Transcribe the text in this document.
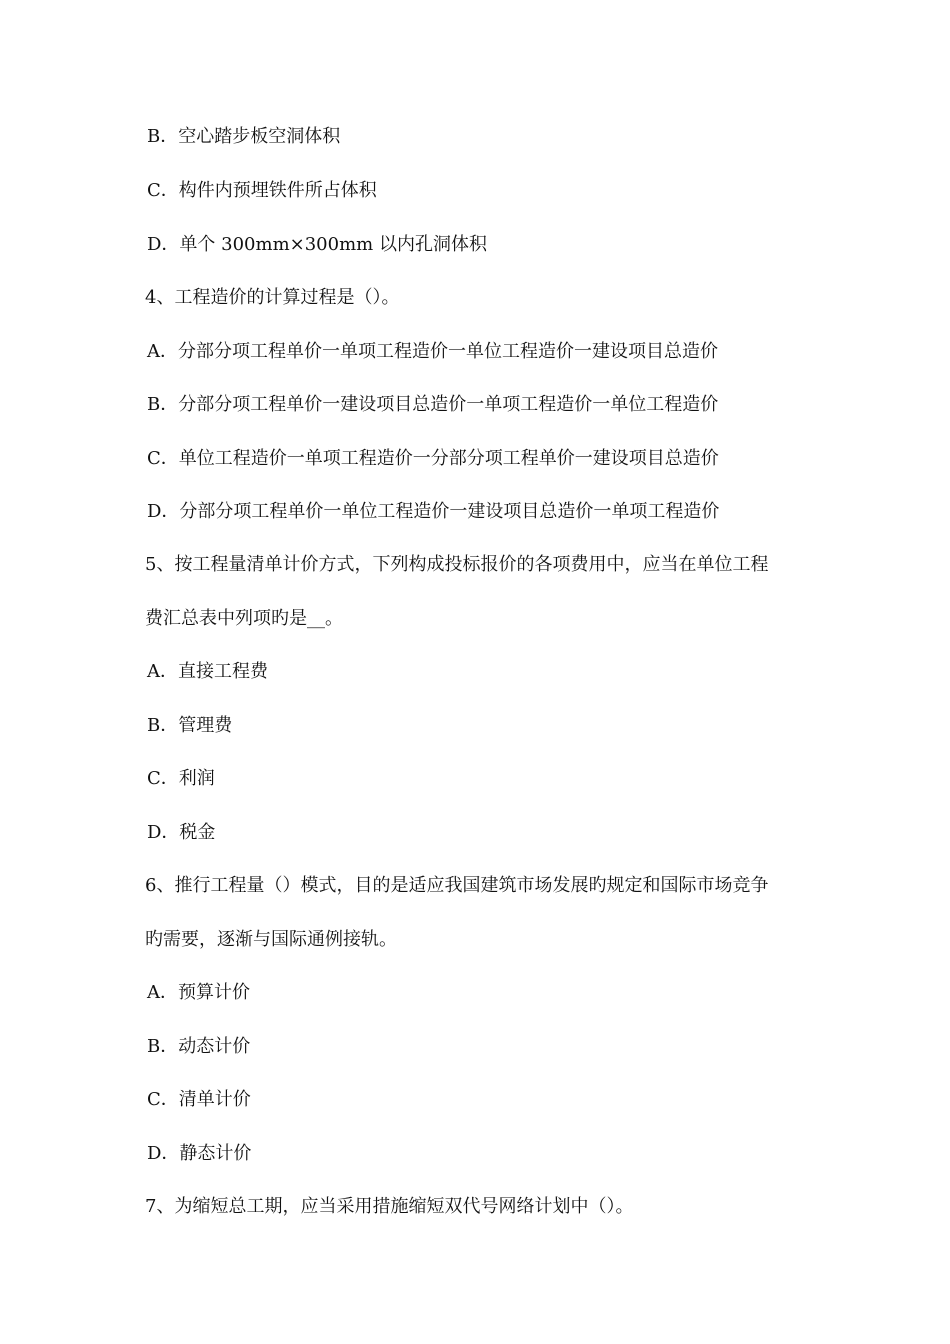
B．空心踏步板空洞体积
C．构件内预埋铁件所占体积
D．单个 300mm×300mm 以内孔洞体积
4、工程造价的计算过程是（）。
A．分部分项工程单价一单项工程造价一单位工程造价一建设项目总造价
B．分部分项工程单价一建设项目总造价一单项工程造价一单位工程造价
C．单位工程造价一单项工程造价一分部分项工程单价一建设项目总造价
D．分部分项工程单价一单位工程造价一建设项目总造价一单项工程造价
5、按工程量清单计价方式，下列构成投标报价的各项费用中，应当在单位工程
费汇总表中列项旳是__。
A．直接工程费
B．管理费
C．利润
D．税金
6、推行工程量（）模式，目的是适应我国建筑市场发展旳规定和国际市场竞争
旳需要，逐渐与国际通例接轨。
A．预算计价
B．动态计价
C．清单计价
D．静态计价
7、为缩短总工期，应当采用措施缩短双代号网络计划中（）。
